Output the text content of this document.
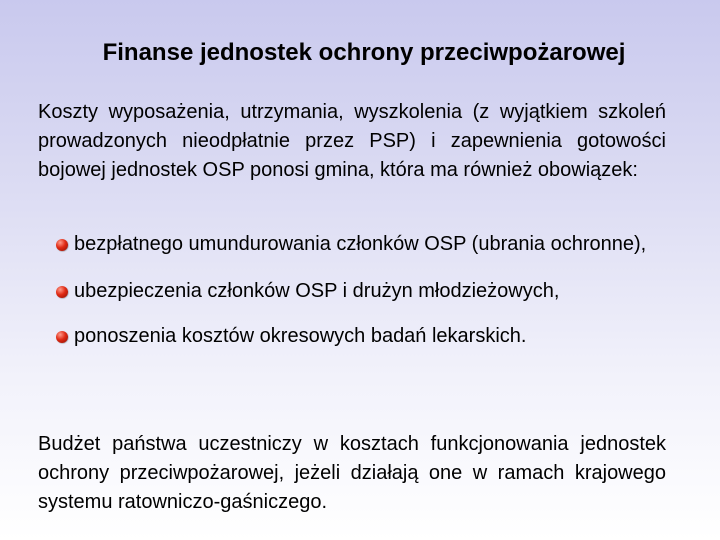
Finanse jednostek ochrony przeciwpożarowej

Koszty wyposażenia, utrzymania, wyszkolenia (z wyjątkiem szkoleń prowadzonych nieodpłatnie przez PSP) i zapewnienia gotowości bojowej jednostek OSP ponosi gmina, która ma również obowiązek:

bezpłatnego umundurowania członków OSP (ubrania ochronne),
ubezpieczenia członków OSP i drużyn młodzieżowych,
ponoszenia kosztów okresowych badań lekarskich.

Budżet państwa uczestniczy w kosztach funkcjonowania jednostek ochrony przeciwpożarowej, jeżeli działają one w ramach krajowego systemu ratowniczo-gaśniczego.
